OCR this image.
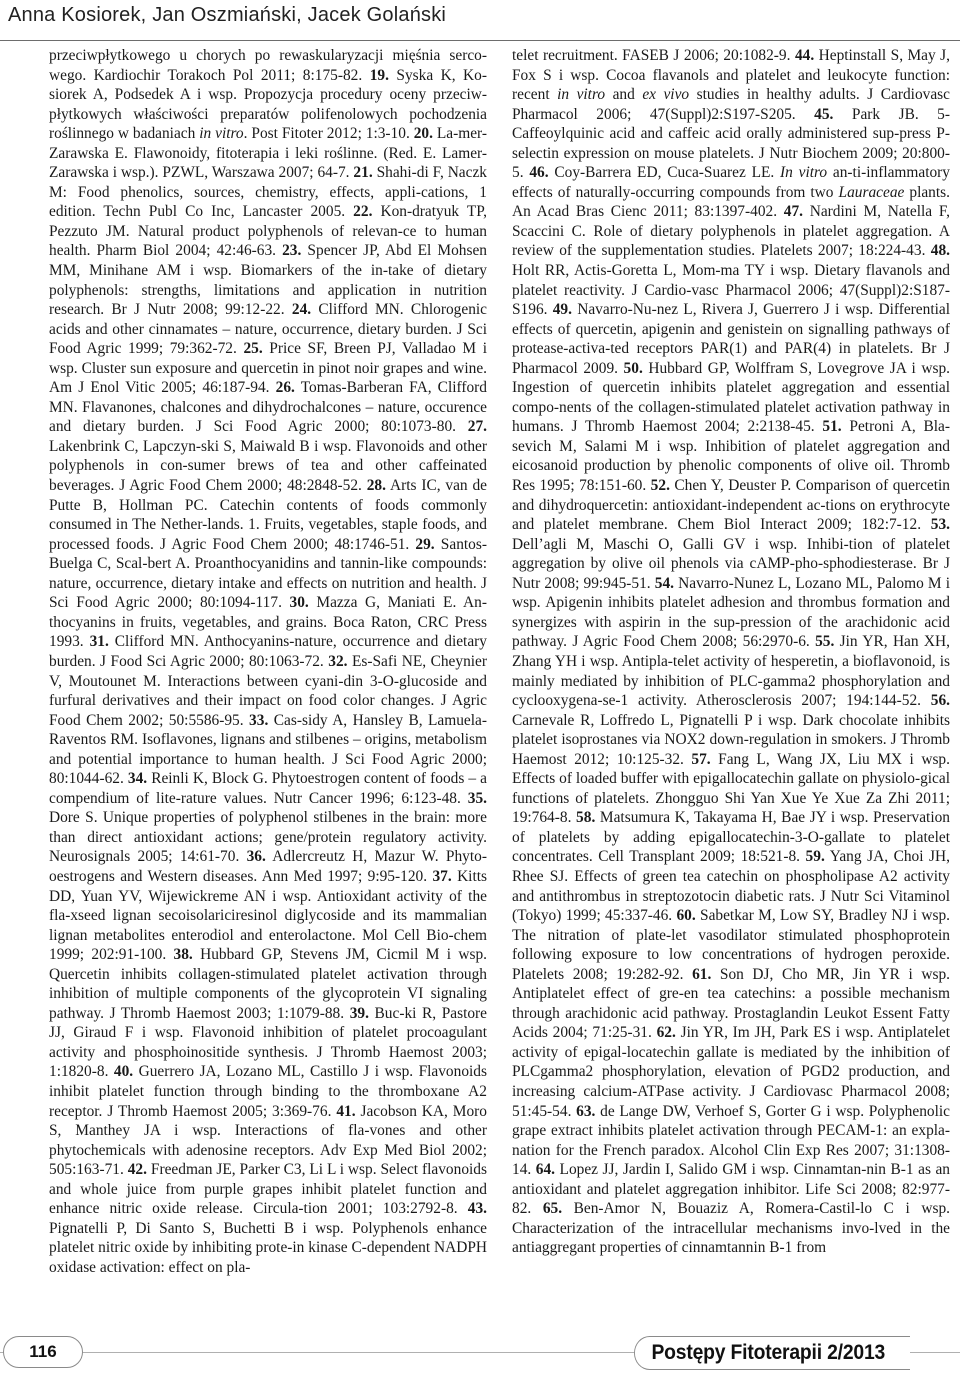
Anna Kosiorek, Jan Oszmiański, Jacek Golański
przeciwpłytkowego u chorych po rewaskularyzacji mięśnia serco-wego. Kardiochir Torakoch Pol 2011; 8:175-82. 19. Syska K, Ko-siorek A, Podsedek A i wsp. Propozycja procedury oceny przeciw-płytkowych właściwości preparatów polifenolowych pochodzenia roślinnego w badaniach in vitro. Post Fitoter 2012; 1:3-10. 20. La-mer-Zarawska E. Flawonoidy, fitoterapia i leki roślinne. (Red. E. Lamer-Zarawska i wsp.). PZWL, Warszawa 2007; 64-7. 21. Shahi-di F, Naczk M: Food phenolics, sources, chemistry, effects, appli-cations, 1 edition. Techn Publ Co Inc, Lancaster 2005. 22. Kon-dratyuk TP, Pezzuto JM. Natural product polyphenols of relevan-ce to human health. Pharm Biol 2004; 42:46-63. 23. Spencer JP, Abd El Mohsen MM, Minihane AM i wsp. Biomarkers of the in-take of dietary polyphenols: strengths, limitations and application in nutrition research. Br J Nutr 2008; 99:12-22. 24. Clifford MN. Chlorogenic acids and other cinnamates – nature, occurrence, dietary burden. J Sci Food Agric 1999; 79:362-72. 25. Price SF, Breen PJ, Valladao M i wsp. Cluster sun exposure and quercetin in pinot noir grapes and wine. Am J Enol Vitic 2005; 46:187-94. 26. Tomas-Barberan FA, Clifford MN. Flavanones, chalcones and dihydrochalcones – nature, occurence and dietary burden. J Sci Food Agric 2000; 80:1073-80. 27. Lakenbrink C, Lapczyn-ski S, Maiwald B i wsp. Flavonoids and other polyphenols in con-sumer brews of tea and other caffeinated beverages. J Agric Food Chem 2000; 48:2848-52. 28. Arts IC, van de Putte B, Hollman PC. Catechin contents of foods commonly consumed in The Nether-lands. 1. Fruits, vegetables, staple foods, and processed foods. J Agric Food Chem 2000; 48:1746-51. 29. Santos-Buelga C, Scal-bert A. Proanthocyanidins and tannin-like compounds: nature, occurrence, dietary intake and effects on nutrition and health. J Sci Food Agric 2000; 80:1094-117. 30. Mazza G, Maniati E. An-thocyanins in fruits, vegetables, and grains. Boca Raton, CRC Press 1993. 31. Clifford MN. Anthocyanins-nature, occurrence and dietary burden. J Food Sci Agric 2000; 80:1063-72. 32. Es-Safi NE, Cheynier V, Moutounet M. Interactions between cyani-din 3-O-glucoside and furfural derivatives and their impact on food color changes. J Agric Food Chem 2002; 50:5586-95. 33. Cas-sidy A, Hansley B, Lamuela-Raventos RM. Isoflavones, lignans and stilbenes – origins, metabolism and potential importance to human health. J Sci Food Agric 2000; 80:1044-62. 34. Reinli K, Block G. Phytoestrogen content of foods – a compendium of lite-rature values. Nutr Cancer 1996; 6:123-48. 35. Dore S. Unique properties of polyphenol stilbenes in the brain: more than direct antioxidant actions; gene/protein regulatory activity. Neurosignals 2005; 14:61-70. 36. Adlercreutz H, Mazur W. Phyto-oestrogens and Western diseases. Ann Med 1997; 9:95-120. 37. Kitts DD, Yuan YV, Wijewickreme AN i wsp. Antioxidant activity of the fla-xseed lignan secoisolariciresinol diglycoside and its mammalian lignan metabolites enterodiol and enterolactone. Mol Cell Bio-chem 1999; 202:91-100. 38. Hubbard GP, Stevens JM, Cicmil M i wsp. Quercetin inhibits collagen-stimulated platelet activation through inhibition of multiple components of the glycoprotein VI signaling pathway. J Thromb Haemost 2003; 1:1079-88. 39. Buc-ki R, Pastore JJ, Giraud F i wsp. Flavonoid inhibition of platelet procoagulant activity and phosphoinositide synthesis. J Thromb Haemost 2003; 1:1820-8. 40. Guerrero JA, Lozano ML, Castillo J i wsp. Flavonoids inhibit platelet function through binding to the thromboxane A2 receptor. J Thromb Haemost 2005; 3:369-76. 41. Jacobson KA, Moro S, Manthey JA i wsp. Interactions of fla-vones and other phytochemicals with adenosine receptors. Adv Exp Med Biol 2002; 505:163-71. 42. Freedman JE, Parker C3, Li L i wsp. Select flavonoids and whole juice from purple grapes inhibit platelet function and enhance nitric oxide release. Circula-tion 2001; 103:2792-8. 43. Pignatelli P, Di Santo S, Buchetti B i wsp. Polyphenols enhance platelet nitric oxide by inhibiting prote-in kinase C-dependent NADPH oxidase activation: effect on pla-
telet recruitment. FASEB J 2006; 20:1082-9. 44. Heptinstall S, May J, Fox S i wsp. Cocoa flavanols and platelet and leukocyte function: recent in vitro and ex vivo studies in healthy adults. J Cardiovasc Pharmacol 2006; 47(Suppl)2:S197-S205. 45. Park JB. 5-Caffeoylquinic acid and caffeic acid orally administered sup-press P-selectin expression on mouse platelets. J Nutr Biochem 2009; 20:800-5. 46. Coy-Barrera ED, Cuca-Suarez LE. In vitro an-ti-inflammatory effects of naturally-occurring compounds from two Lauraceae plants. An Acad Bras Cienc 2011; 83:1397-402. 47. Nardini M, Natella F, Scaccini C. Role of dietary polyphenols in platelet aggregation. A review of the supplementation studies. Platelets 2007; 18:224-43. 48. Holt RR, Actis-Goretta L, Mom-ma TY i wsp. Dietary flavanols and platelet reactivity. J Cardio-vasc Pharmacol 2006; 47(Suppl)2:S187-S196. 49. Navarro-Nu-nez L, Rivera J, Guerrero J i wsp. Differential effects of quercetin, apigenin and genistein on signalling pathways of protease-activa-ted receptors PAR(1) and PAR(4) in platelets. Br J Pharmacol 2009. 50. Hubbard GP, Wolffram S, Lovegrove JA i wsp. Ingestion of quercetin inhibits platelet aggregation and essential compo-nents of the collagen-stimulated platelet activation pathway in humans. J Thromb Haemost 2004; 2:2138-45. 51. Petroni A, Bla-sevich M, Salami M i wsp. Inhibition of platelet aggregation and eicosanoid production by phenolic components of olive oil. Thromb Res 1995; 78:151-60. 52. Chen Y, Deuster P. Comparison of quercetin and dihydroquercetin: antioxidant-independent ac-tions on erythrocyte and platelet membrane. Chem Biol Interact 2009; 182:7-12. 53. Dell’agli M, Maschi O, Galli GV i wsp. Inhibi-tion of platelet aggregation by olive oil phenols via cAMP-pho-sphodiesterase. Br J Nutr 2008; 99:945-51. 54. Navarro-Nunez L, Lozano ML, Palomo M i wsp. Apigenin inhibits platelet adhesion and thrombus formation and synergizes with aspirin in the sup-pression of the arachidonic acid pathway. J Agric Food Chem 2008; 56:2970-6. 55. Jin YR, Han XH, Zhang YH i wsp. Antipla-telet activity of hesperetin, a bioflavonoid, is mainly mediated by inhibition of PLC-gamma2 phosphorylation and cyclooxygena-se-1 activity. Atherosclerosis 2007; 194:144-52. 56. Carnevale R, Loffredo L, Pignatelli P i wsp. Dark chocolate inhibits platelet isoprostanes via NOX2 down-regulation in smokers. J Thromb Haemost 2012; 10:125-32. 57. Fang L, Wang JX, Liu MX i wsp. Effects of loaded buffer with epigallocatechin gallate on physiolo-gical functions of platelets. Zhongguo Shi Yan Xue Ye Xue Za Zhi 2011; 19:764-8. 58. Matsumura K, Takayama H, Bae JY i wsp. Preservation of platelets by adding epigallocatechin-3-O-gallate to platelet concentrates. Cell Transplant 2009; 18:521-8. 59. Yang JA, Choi JH, Rhee SJ. Effects of green tea catechin on phospholipase A2 activity and antithrombus in streptozotocin diabetic rats. J Nutr Sci Vitaminol (Tokyo) 1999; 45:337-46. 60. Sabetkar M, Low SY, Bradley NJ i wsp. The nitration of plate-let vasodilator stimulated phosphoprotein following exposure to low concentrations of hydrogen peroxide. Platelets 2008; 19:282-92. 61. Son DJ, Cho MR, Jin YR i wsp. Antiplatelet effect of gre-en tea catechins: a possible mechanism through arachidonic acid pathway. Prostaglandin Leukot Essent Fatty Acids 2004; 71:25-31. 62. Jin YR, Im JH, Park ES i wsp. Antiplatelet activity of epigal-locatechin gallate is mediated by the inhibition of PLCgamma2 phosphorylation, elevation of PGD2 production, and increasing calcium-ATPase activity. J Cardiovasc Pharmacol 2008; 51:45-54. 63. de Lange DW, Verhoef S, Gorter G i wsp. Polyphenolic grape extract inhibits platelet activation through PECAM-1: an expla-nation for the French paradox. Alcohol Clin Exp Res 2007; 31:1308-14. 64. Lopez JJ, Jardin I, Salido GM i wsp. Cinnamtan-nin B-1 as an antioxidant and platelet aggregation inhibitor. Life Sci 2008; 82:977-82. 65. Ben-Amor N, Bouaziz A, Romera-Castil-lo C i wsp. Characterization of the intracellular mechanisms invo-lved in the antiaggregant properties of cinnamtannin B-1 from
116	Postępy Fitoterapii 2/2013
